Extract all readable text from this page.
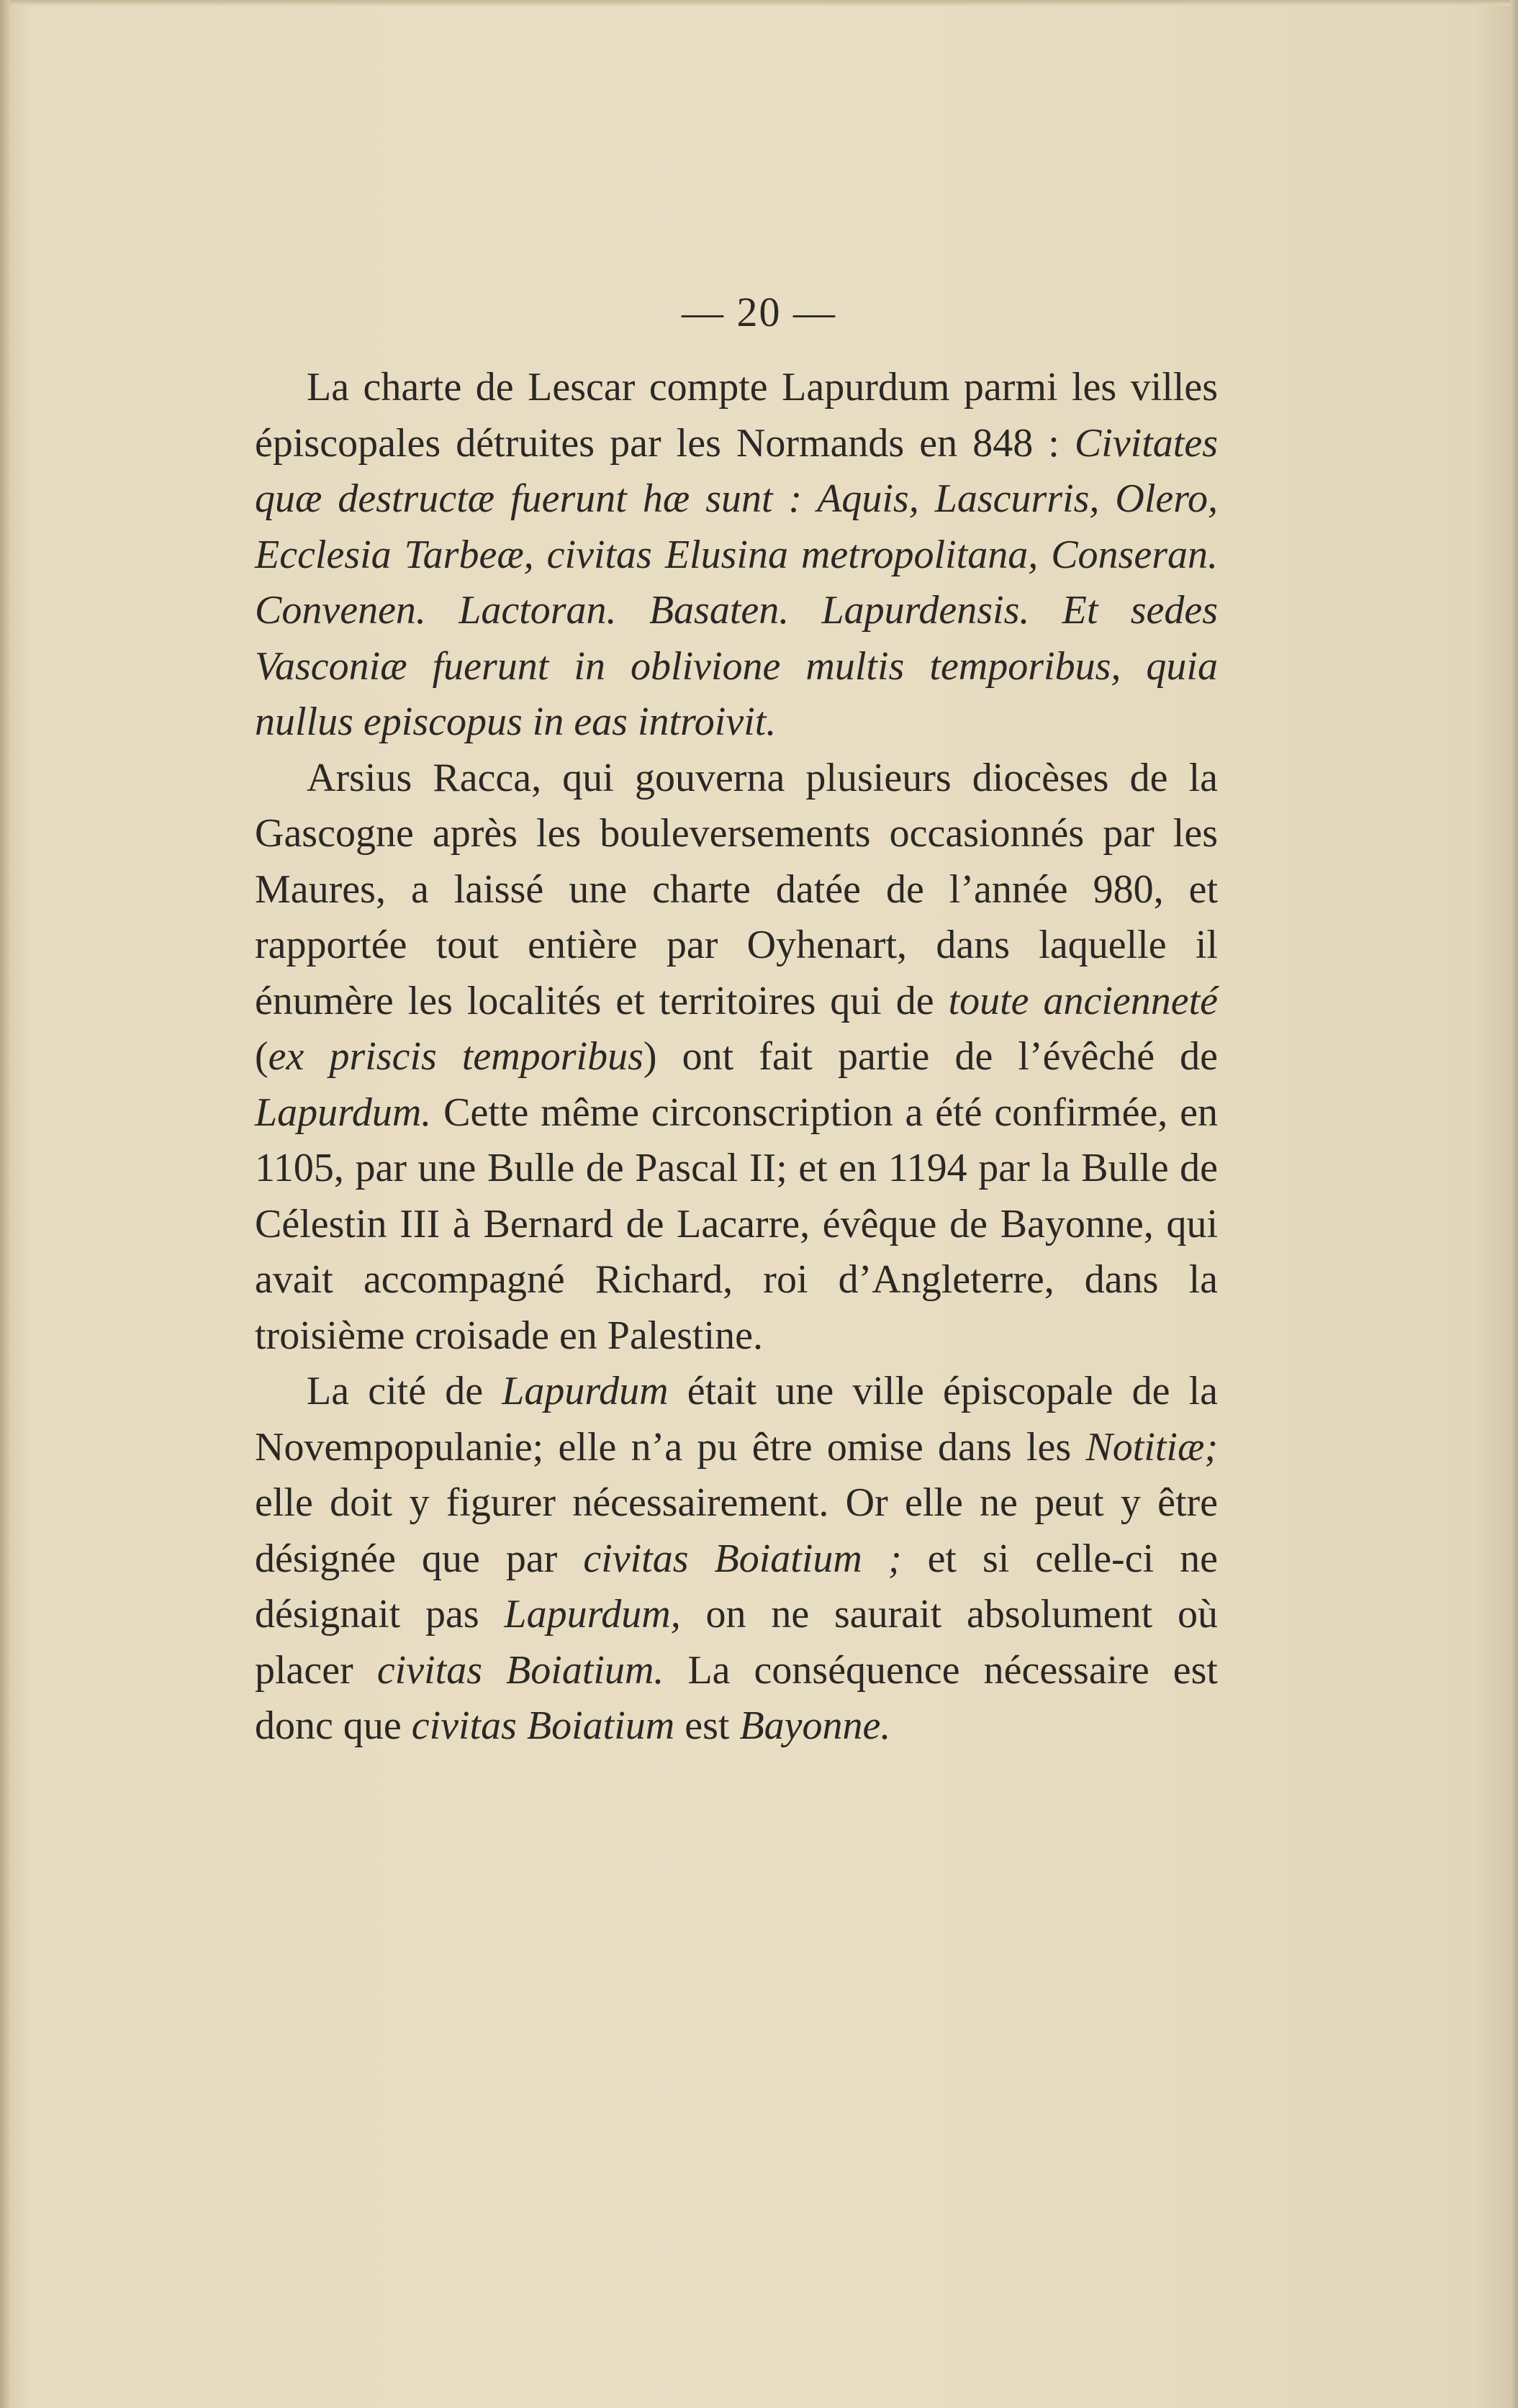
— 20 —

La charte de Lescar compte Lapurdum parmi les villes épiscopales détruites par les Normands en 848 : Civitates quæ destructæ fuerunt hæ sunt : Aquis, Lascurris, Olero, Ecclesia Tarbeæ, civitas Elusina metropolitana, Conseran. Convenen. Lactoran. Basaten. Lapurdensis. Et sedes Vasconiæ fuerunt in oblivione multis temporibus, quia nullus episcopus in eas introivit.

Arsius Racca, qui gouverna plusieurs diocèses de la Gascogne après les bouleversements occasionnés par les Maures, a laissé une charte datée de l’année 980, et rapportée tout entière par Oyhenart, dans laquelle il énumère les localités et territoires qui de toute ancienneté (ex priscis temporibus) ont fait partie de l’évêché de Lapurdum. Cette même circonscription a été confirmée, en 1105, par une Bulle de Pascal II; et en 1194 par la Bulle de Célestin III à Bernard de Lacarre, évêque de Bayonne, qui avait accompagné Richard, roi d’Angleterre, dans la troisième croisade en Palestine.

La cité de Lapurdum était une ville épiscopale de la Novempopulanie; elle n’a pu être omise dans les Notitiæ; elle doit y figurer nécessairement. Or elle ne peut y être désignée que par civitas Boiatium ; et si celle-ci ne désignait pas Lapurdum, on ne saurait absolument où placer civitas Boiatium. La conséquence nécessaire est donc que civitas Boiatium est Bayonne.
